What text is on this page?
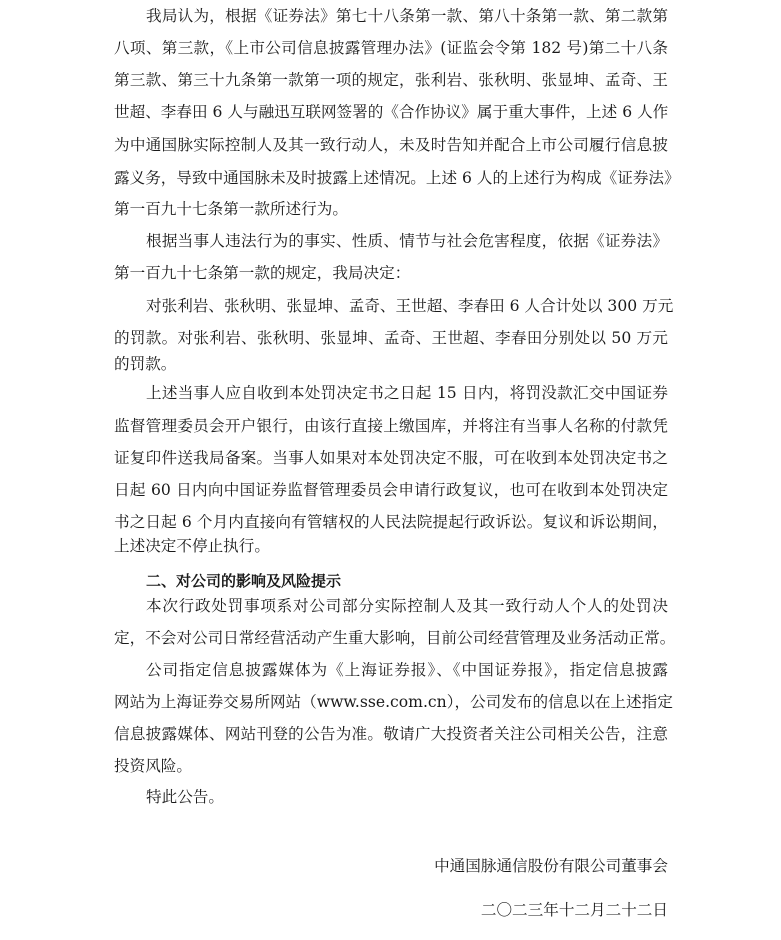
我局认为，根据《证券法》第七十八条第一款、第八十条第一款、第二款第
八项、第三款，《上市公司信息披露管理办法》(证监会令第 182 号)第二十八条
第三款、第三十九条第一款第一项的规定，张利岩、张秋明、张显坤、孟奇、王
世超、李春田 6 人与融迅互联网签署的《合作协议》属于重大事件，上述 6 人作
为中通国脉实际控制人及其一致行动人，未及时告知并配合上市公司履行信息披
露义务，导致中通国脉未及时披露上述情况。上述 6 人的上述行为构成《证券法》
第一百九十七条第一款所述行为。
根据当事人违法行为的事实、性质、情节与社会危害程度，依据《证券法》
第一百九十七条第一款的规定，我局决定：
对张利岩、张秋明、张显坤、孟奇、王世超、李春田 6 人合计处以 300 万元
的罚款。对张利岩、张秋明、张显坤、孟奇、王世超、李春田分别处以 50 万元
的罚款。
上述当事人应自收到本处罚决定书之日起 15 日内，将罚没款汇交中国证券
监督管理委员会开户银行，由该行直接上缴国库，并将注有当事人名称的付款凭
证复印件送我局备案。当事人如果对本处罚决定不服，可在收到本处罚决定书之
日起 60 日内向中国证券监督管理委员会申请行政复议，也可在收到本处罚决定
书之日起 6 个月内直接向有管辖权的人民法院提起行政诉讼。复议和诉讼期间，
上述决定不停止执行。
二、对公司的影响及风险提示
本次行政处罚事项系对公司部分实际控制人及其一致行动人个人的处罚决
定，不会对公司日常经营活动产生重大影响，目前公司经营管理及业务活动正常。
公司指定信息披露媒体为《上海证券报》、《中国证券报》，指定信息披露
网站为上海证券交易所网站（www.sse.com.cn），公司发布的信息以在上述指定
信息披露媒体、网站刊登的公告为准。敬请广大投资者关注公司相关公告，注意
投资风险。
特此公告。
中通国脉通信股份有限公司董事会
二〇二三年十二月二十二日
